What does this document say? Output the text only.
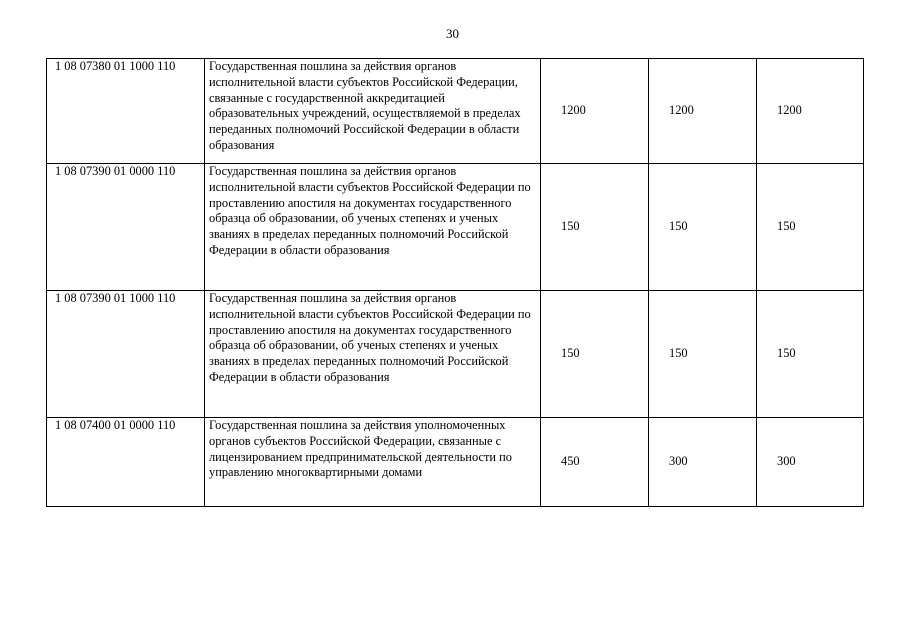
30
1 08 07380 01 1000 110	Государственная пошлина за действия органов исполнительной власти субъектов Российской Федерации, связанные с государственной аккредитацией образовательных учреждений, осуществляемой в пределах переданных полномочий Российской Федерации в области образования	1200	1200	1200
1 08 07390 01 0000 110	Государственная пошлина за действия органов исполнительной власти субъектов Российской Федерации по проставлению апостиля на документах государственного образца об образовании, об ученых степенях и ученых званиях в пределах переданных полномочий Российской Федерации в области образования	150	150	150
1 08 07390 01 1000 110	Государственная пошлина за действия органов исполнительной власти субъектов Российской Федерации по проставлению апостиля на документах государственного образца об образовании, об ученых степенях и ученых званиях в пределах переданных полномочий Российской Федерации в области образования	150	150	150
1 08 07400 01 0000 110	Государственная пошлина за действия уполномоченных органов субъектов Российской Федерации, связанные с лицензированием предпринимательской деятельности по управлению многоквартирными домами	450	300	300
